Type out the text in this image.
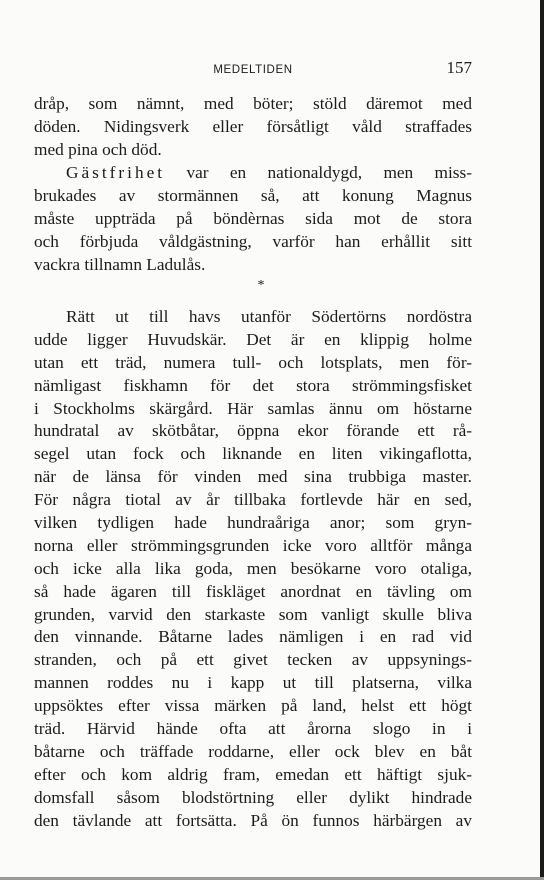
MEDELTIDEN	157
dråp, som nämnt, med böter; stöld däremot med
döden. Nidingsverk eller försåtligt våld straffades
med pina och död.
Gästfrihet var en nationaldygd, men miss-
brukades av stormännen så, att konung Magnus
måste uppträda på böndèrnas sida mot de stora
och förbjuda våldgästning, varför han erhållit sitt
vackra tillnamn Ladulås.
*
Rätt ut till havs utanför Södertörns nordöstra
udde ligger Huvudskär. Det är en klippig holme
utan ett träd, numera tull- och lotsplats, men för-
nämligast fiskhamn för det stora strömmingsfisket
i Stockholms skärgård. Här samlas ännu om höstarne
hundratal av skötbåtar, öppna ekor förande ett rå-
segel utan fock och liknande en liten vikingaflotta,
när de länsa för vinden med sina trubbiga master.
För några tiotal av år tillbaka fortlevde här en sed,
vilken tydligen hade hundraåriga anor; som gryn-
norna eller strömmingsgrunden icke voro alltför många
och icke alla lika goda, men besökarne voro otaliga,
så hade ägaren till fiskläget anordnat en tävling om
grunden, varvid den starkaste som vanligt skulle bliva
den vinnande. Båtarne lades nämligen i en rad vid
stranden, och på ett givet tecken av uppsynings-
mannen roddes nu i kapp ut till platserna, vilka
uppsöktes efter vissa märken på land, helst ett högt
träd. Härvid hände ofta att årorna slogo in i
båtarne och träffade roddarne, eller ock blev en båt
efter och kom aldrig fram, emedan ett häftigt sjuk-
domsfall såsom blodstörtning eller dylikt hindrade
den tävlande att fortsätta. På ön funnos härbärgen av
